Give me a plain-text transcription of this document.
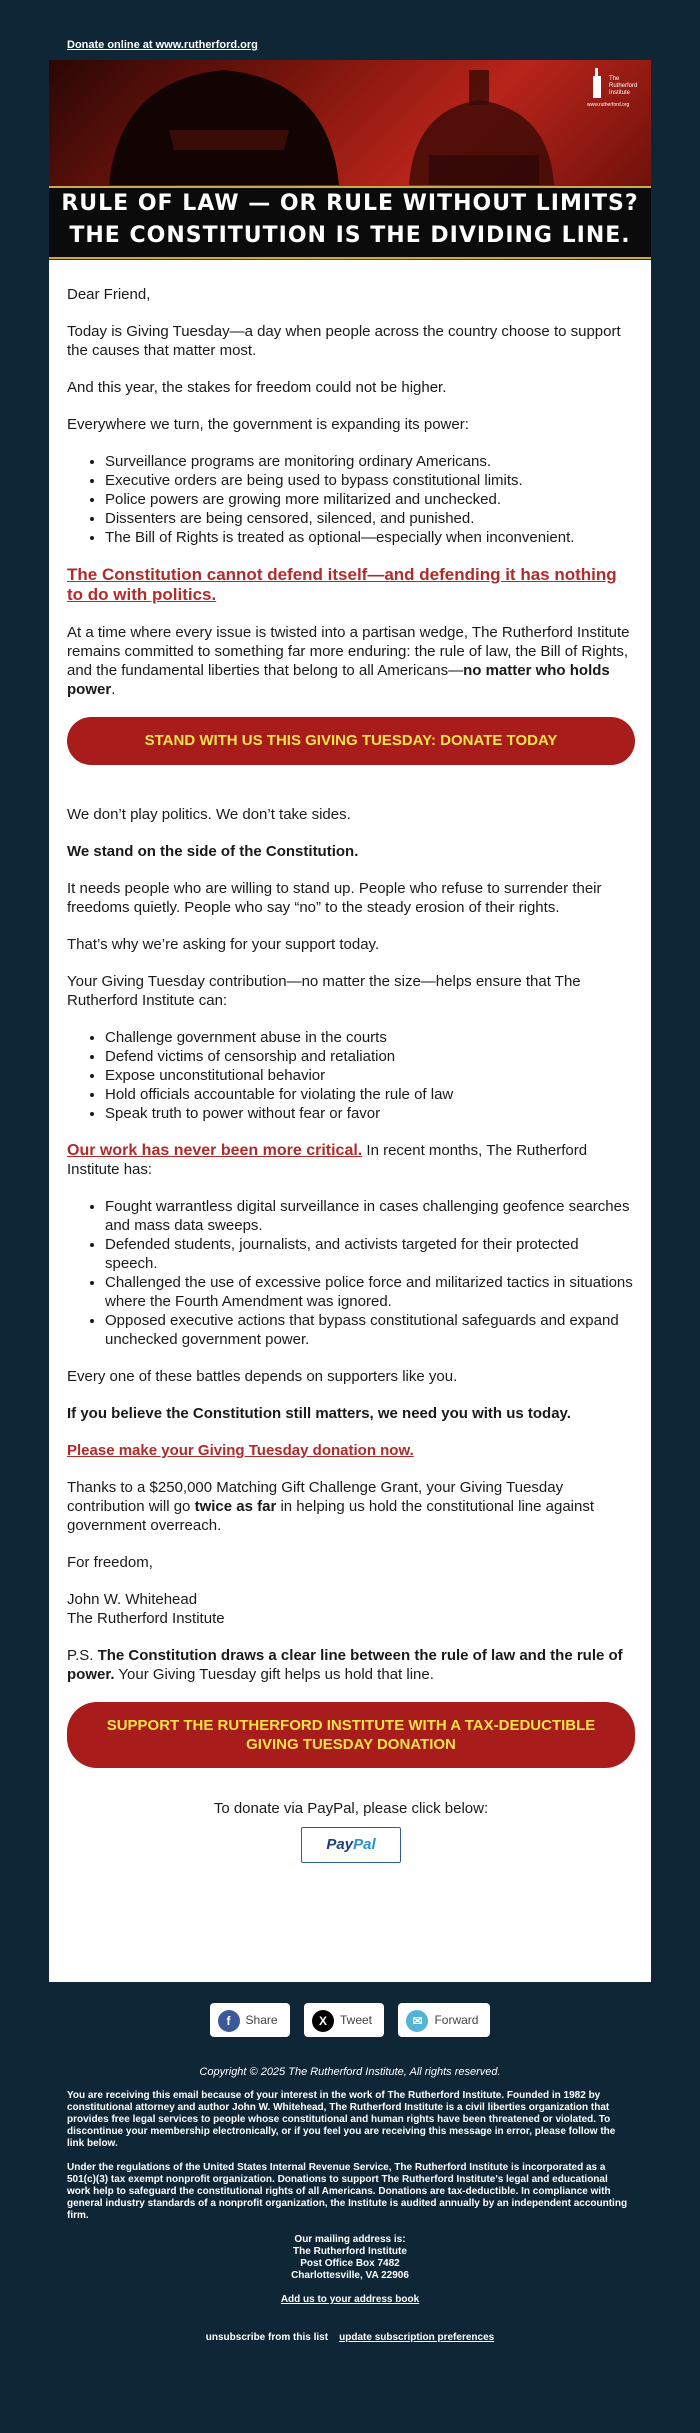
Donate online at www.rutherford.org
The Rutherford Institute
www.rutherford.org
RULE OF LAW — OR RULE WITHOUT LIMITS?
THE CONSTITUTION IS THE DIVIDING LINE.

Dear Friend,

Today is Giving Tuesday—a day when people across the country choose to support the causes that matter most.

And this year, the stakes for freedom could not be higher.

Everywhere we turn, the government is expanding its power:

• Surveillance programs are monitoring ordinary Americans.
• Executive orders are being used to bypass constitutional limits.
• Police powers are growing more militarized and unchecked.
• Dissenters are being censored, silenced, and punished.
• The Bill of Rights is treated as optional—especially when inconvenient.
The Constitution cannot defend itself—and defending it has nothing to do with politics.

At a time where every issue is twisted into a partisan wedge, The Rutherford Institute remains committed to something far more enduring: the rule of law, the Bill of Rights, and the fundamental liberties that belong to all Americans—no matter who holds power.

STAND WITH US THIS GIVING TUESDAY: DONATE TODAY

We don’t play politics. We don’t take sides.

We stand on the side of the Constitution.

It needs people who are willing to stand up. People who refuse to surrender their freedoms quietly. People who say “no” to the steady erosion of their rights.

That’s why we’re asking for your support today.

Your Giving Tuesday contribution—no matter the size—helps ensure that The Rutherford Institute can:

• Challenge government abuse in the courts
• Defend victims of censorship and retaliation
• Expose unconstitutional behavior
• Hold officials accountable for violating the rule of law
• Speak truth to power without fear or favor

Our work has never been more critical. In recent months, The Rutherford Institute has:

• Fought warrantless digital surveillance in cases challenging geofence searches and mass data sweeps.
• Defended students, journalists, and activists targeted for their protected speech.
• Challenged the use of excessive police force and militarized tactics in situations where the Fourth Amendment was ignored.
• Opposed executive actions that bypass constitutional safeguards and expand unchecked government power.

Every one of these battles depends on supporters like you.

If you believe the Constitution still matters, we need you with us today.

Please make your Giving Tuesday donation now.

Thanks to a $250,000 Matching Gift Challenge Grant, your Giving Tuesday contribution will go twice as far in helping us hold the constitutional line against government overreach.

For freedom,

John W. Whitehead
The Rutherford Institute

P.S. The Constitution draws a clear line between the rule of law and the rule of power. Your Giving Tuesday gift helps us hold that line.

SUPPORT THE RUTHERFORD INSTITUTE WITH A TAX-DEDUCTIBLE GIVING TUESDAY DONATION
To donate via PayPal, please click below:
PayPal
f Share	X Tweet	✉ Forward

Copyright © 2025 The Rutherford Institute, All rights reserved.

You are receiving this email because of your interest in the work of The Rutherford Institute. Founded in 1982 by constitutional attorney and author John W. Whitehead, The Rutherford Institute is a civil liberties organization that provides free legal services to people whose constitutional and human rights have been threatened or violated. To discontinue your membership electronically, or if you feel you are receiving this message in error, please follow the link below.

Under the regulations of the United States Internal Revenue Service, The Rutherford Institute is incorporated as a 501(c)(3) tax exempt nonprofit organization. Donations to support The Rutherford Institute's legal and educational work help to safeguard the constitutional rights of all Americans. Donations are tax-deductible. In compliance with general industry standards of a nonprofit organization, the Institute is audited annually by an independent accounting firm.

Our mailing address is:
The Rutherford Institute
Post Office Box 7482
Charlottesville, VA 22906

Add us to your address book

unsubscribe from this list update subscription preferences
